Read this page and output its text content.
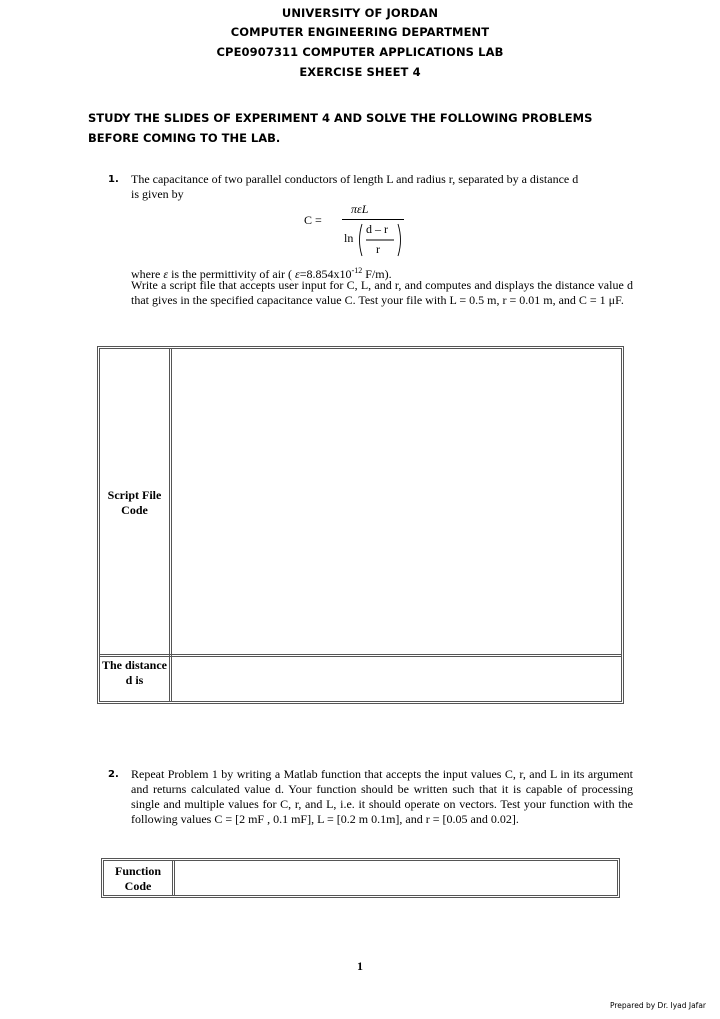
UNIVERSITY OF JORDAN
COMPUTER ENGINEERING DEPARTMENT
CPE0907311 COMPUTER APPLICATIONS LAB
EXERCISE SHEET 4
STUDY THE SLIDES OF EXPERIMENT 4 AND SOLVE THE FOLLOWING PROBLEMS
BEFORE COMING TO THE LAB.
1. The capacitance of two parallel conductors of length L and radius r, separated by a distance d
is given by
C =
πεL
ln
d – r
r
where ε is the permittivity of air ( $\varepsilon=8.854x10^{-12}$ F/m).
Write a script file that accepts user input for C, L, and r, and computes and displays the distance value d that gives in the specified capacitance value C. Test your file with L = 0.5 m, r = 0.01 m, and C = 1 μF.
Script File Code
The distance d is
2. Repeat Problem 1 by writing a Matlab function that accepts the input values C, r, and L in its argument and returns calculated value d. Your function should be written such that it is capable of processing single and multiple values for C, r, and L, i.e. it should operate on vectors. Test your function with the following values C = [2 mF , 0.1 mF], L = [0.2 m 0.1m], and r = [0.05 and 0.02].
Function Code
1
Prepared by Dr. Iyad Jafar
